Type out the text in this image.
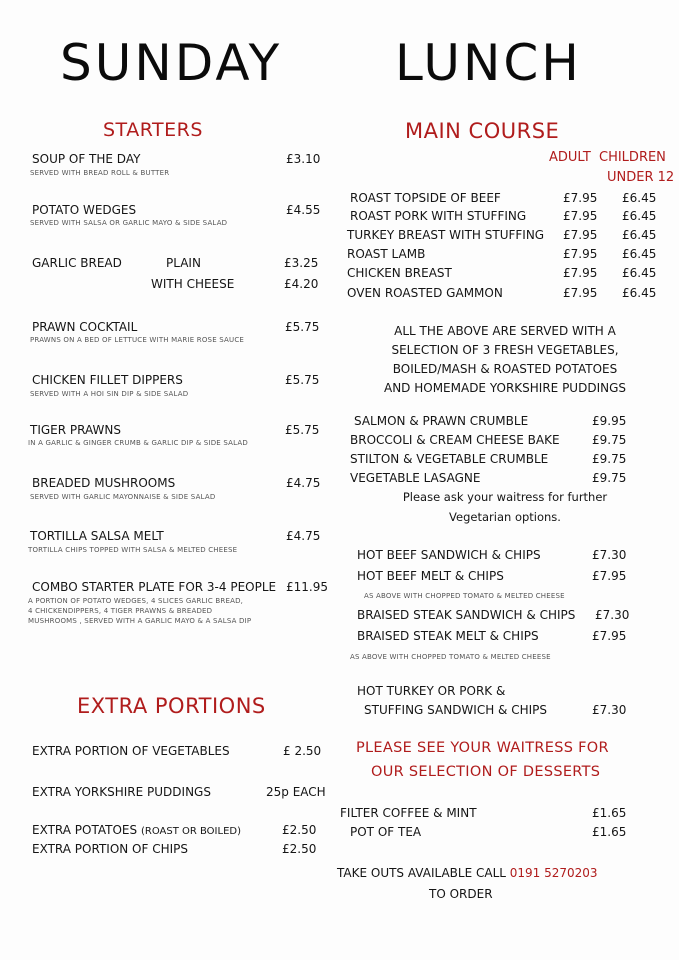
SUNDAY LUNCH
STARTERS
SOUP OF THE DAY	£3.10
SERVED WITH BREAD ROLL & BUTTER
POTATO WEDGES	£4.55
SERVED WITH SALSA OR GARLIC MAYO & SIDE SALAD
GARLIC BREAD	PLAIN	£3.25
WITH CHEESE	£4.20
PRAWN COCKTAIL	£5.75
PRAWNS ON A BED OF LETTUCE WITH MARIE ROSE SAUCE
CHICKEN FILLET DIPPERS	£5.75
SERVED WITH A HOI SIN DIP & SIDE SALAD
TIGER PRAWNS	£5.75
IN A GARLIC & GINGER CRUMB & GARLIC DIP & SIDE SALAD
BREADED MUSHROOMS	£4.75
SERVED WITH GARLIC MAYONNAISE & SIDE SALAD
TORTILLA SALSA MELT	£4.75
TORTILLA CHIPS TOPPED WITH SALSA & MELTED CHEESE
COMBO STARTER PLATE FOR 3-4 PEOPLE £11.95
A PORTION OF POTATO WEDGES, 4 SLICES GARLIC BREAD,
4 CHICKENDIPPERS, 4 TIGER PRAWNS & BREADED
MUSHROOMS , SERVED WITH A GARLIC MAYO & A SALSA DIP
EXTRA PORTIONS
EXTRA PORTION OF VEGETABLES	£ 2.50
EXTRA YORKSHIRE PUDDINGS	25p EACH
EXTRA POTATOES (ROAST OR BOILED)	£2.50
EXTRA PORTION OF CHIPS	£2.50
MAIN COURSE
ADULT CHILDREN
UNDER 12
ROAST TOPSIDE OF BEEF	£7.95 £6.45
ROAST PORK WITH STUFFING	£7.95 £6.45
TURKEY BREAST WITH STUFFING £7.95 £6.45
ROAST LAMB	£7.95 £6.45
CHICKEN BREAST	£7.95 £6.45
OVEN ROASTED GAMMON	£7.95 £6.45
ALL THE ABOVE ARE SERVED WITH A
SELECTION OF 3 FRESH VEGETABLES,
BOILED/MASH & ROASTED POTATOES
AND HOMEMADE YORKSHIRE PUDDINGS
SALMON & PRAWN CRUMBLE	£9.95
BROCCOLI & CREAM CHEESE BAKE	£9.75
STILTON & VEGETABLE CRUMBLE	£9.75
VEGETABLE LASAGNE	£9.75
Please ask your waitress for further
Vegetarian options.
HOT BEEF SANDWICH & CHIPS	£7.30
HOT BEEF MELT & CHIPS	£7.95
AS ABOVE WITH CHOPPED TOMATO & MELTED CHEESE
BRAISED STEAK SANDWICH & CHIPS £7.30
BRAISED STEAK MELT & CHIPS	£7.95
AS ABOVE WITH CHOPPED TOMATO & MELTED CHEESE
HOT TURKEY OR PORK &
STUFFING SANDWICH & CHIPS	£7.30
PLEASE SEE YOUR WAITRESS FOR
OUR SELECTION OF DESSERTS
FILTER COFFEE & MINT	£1.65
POT OF TEA	£1.65
TAKE OUTS AVAILABLE CALL 0191 5270203
TO ORDER
